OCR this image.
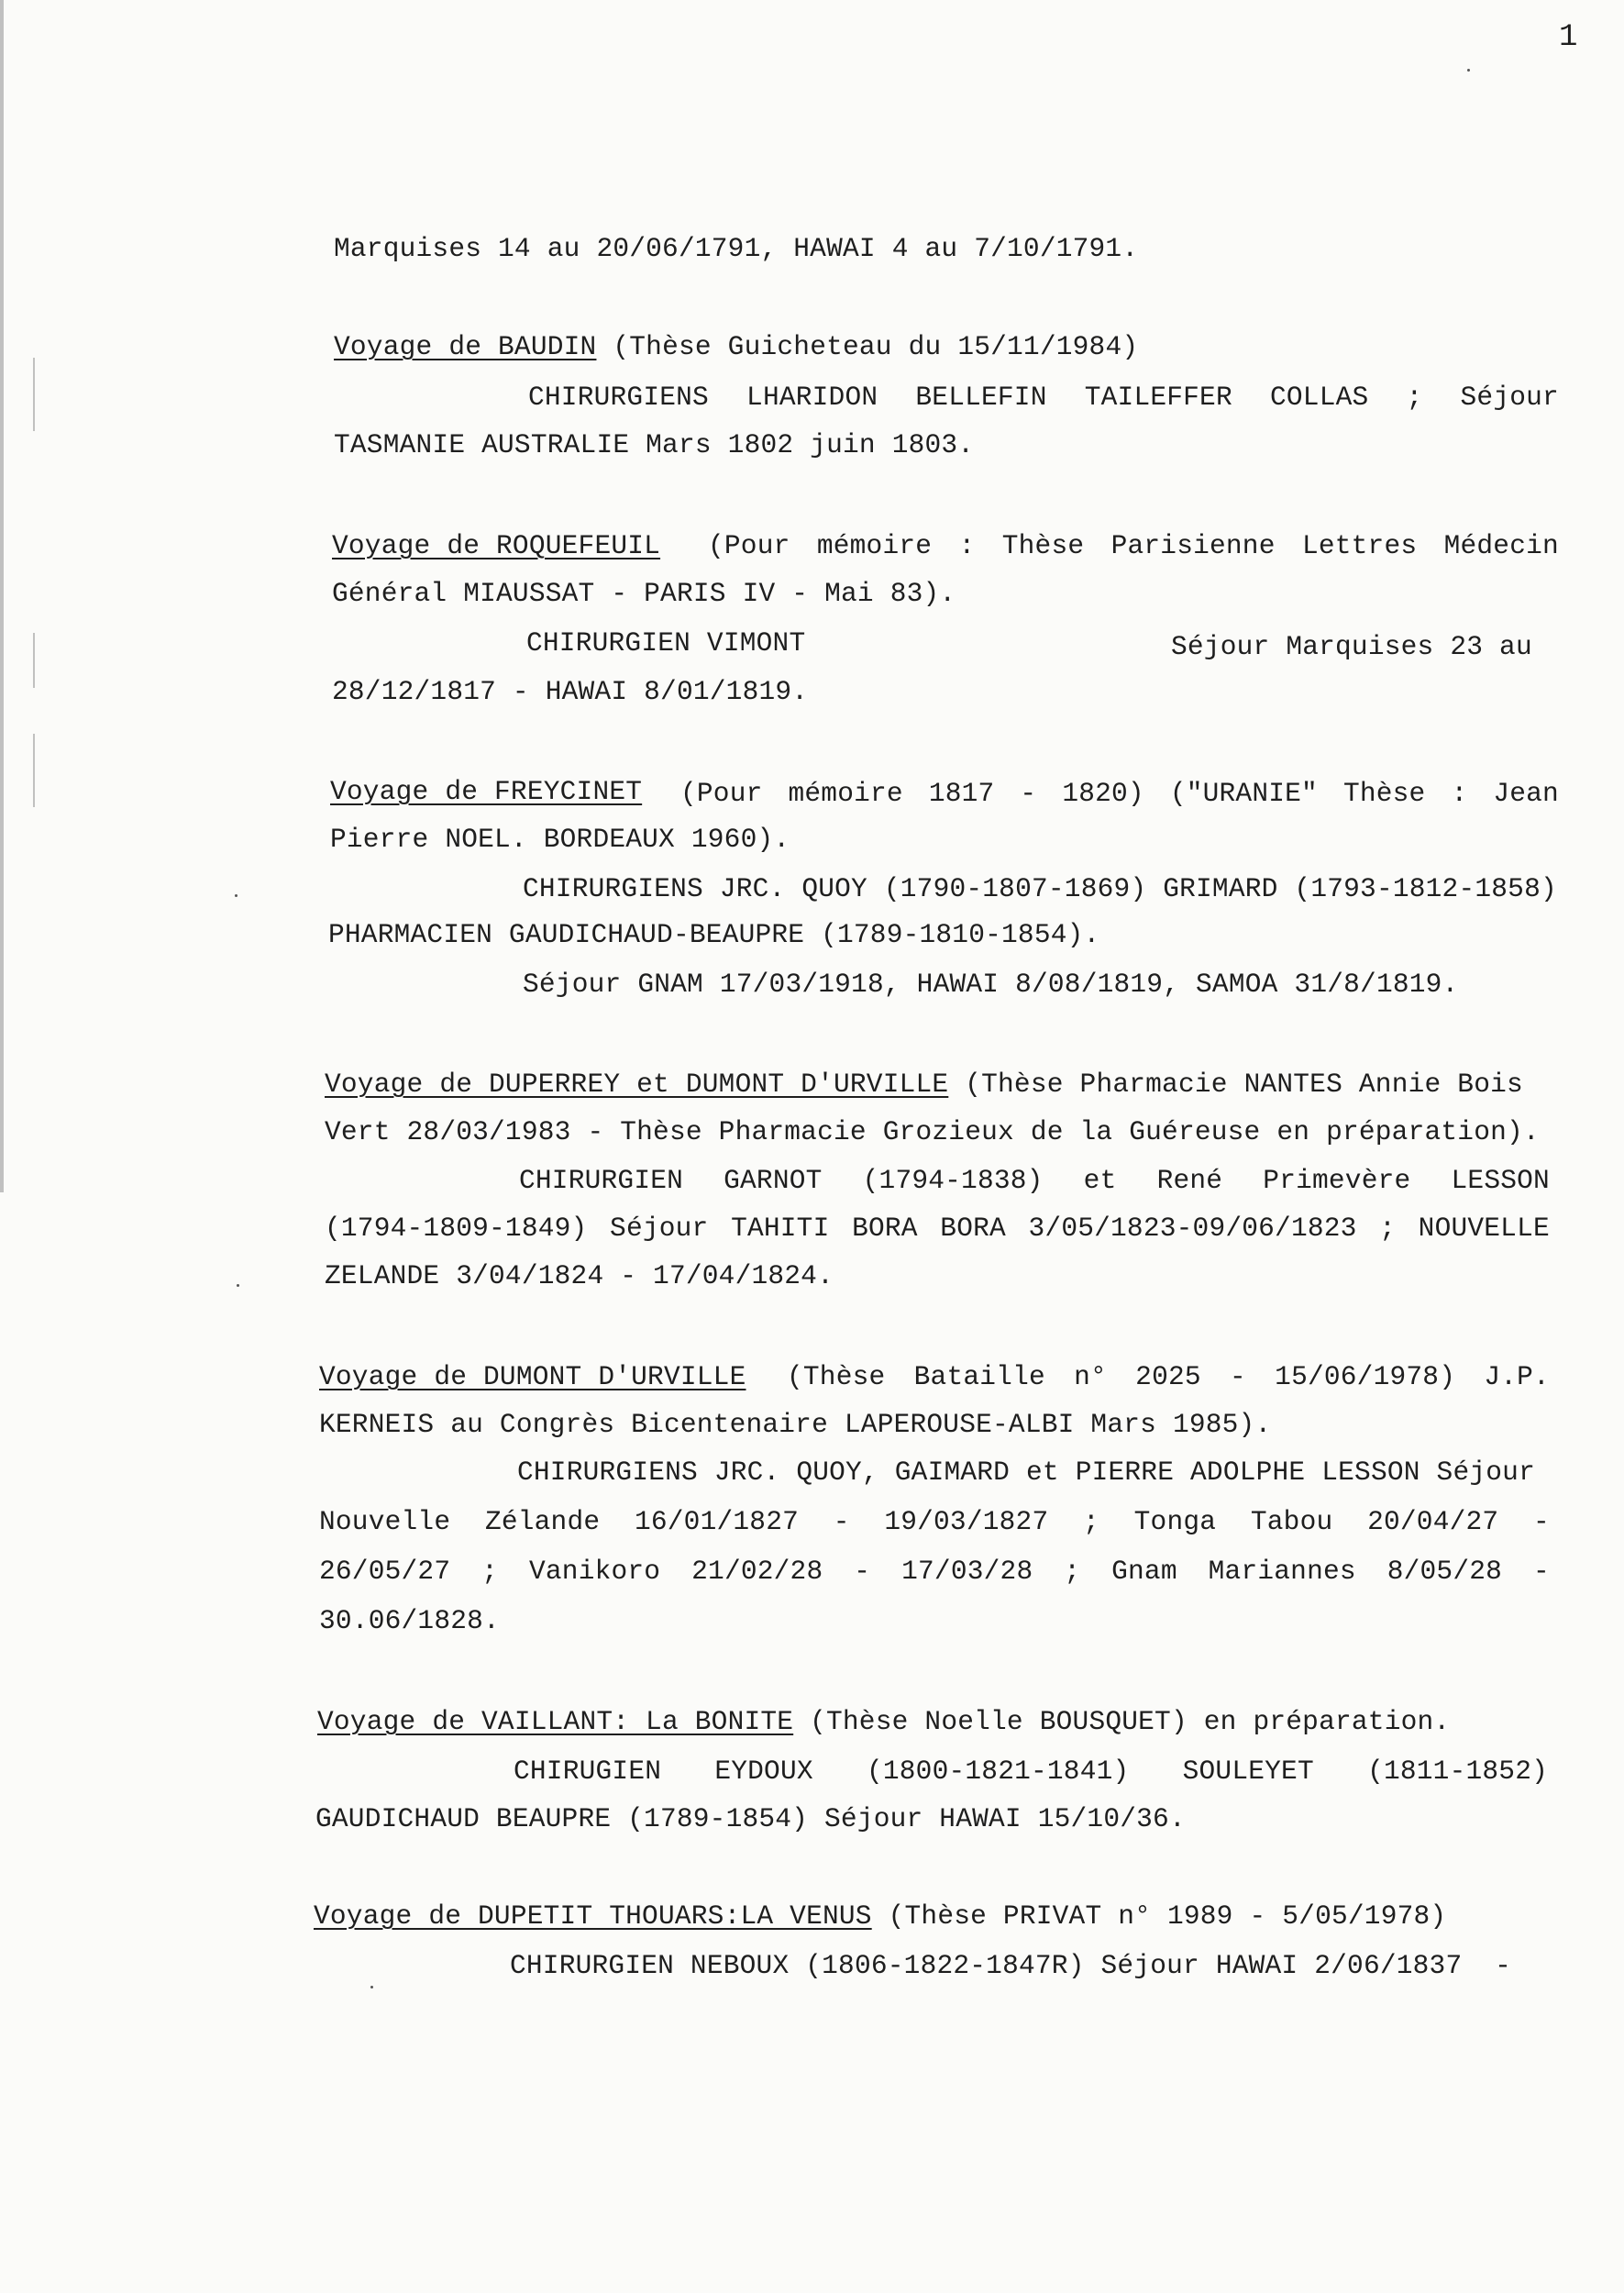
1
Marquises 14 au 20/06/1791, HAWAI 4 au 7/10/1791.
Voyage de BAUDIN (Thèse Guicheteau du 15/11/1984)
CHIRURGIENS LHARIDON BELLEFIN TAILEFFER COLLAS ; Séjour
TASMANIE AUSTRALIE Mars 1802 juin 1803.
Voyage de ROQUEFEUIL (Pour mémoire : Thèse Parisienne Lettres Médecin
Général MIAUSSAT - PARIS IV - Mai 83).
CHIRURGIEN VIMONT	Séjour Marquises 23 au
28/12/1817 - HAWAI 8/01/1819.
Voyage de FREYCINET (Pour mémoire 1817 - 1820) ("URANIE" Thèse : Jean
Pierre NOEL. BORDEAUX 1960).
CHIRURGIENS JRC. QUOY (1790-1807-1869) GRIMARD (1793-1812-1858)
PHARMACIEN GAUDICHAUD-BEAUPRE (1789-1810-1854).
Séjour GNAM 17/03/1918, HAWAI 8/08/1819, SAMOA 31/8/1819.
Voyage de DUPERREY et DUMONT D'URVILLE (Thèse Pharmacie NANTES Annie Bois
Vert 28/03/1983 - Thèse Pharmacie Grozieux de la Guéreuse en préparation).
CHIRURGIEN GARNOT (1794-1838) et René Primevère LESSON
(1794-1809-1849) Séjour TAHITI BORA BORA 3/05/1823-09/06/1823 ; NOUVELLE
ZELANDE 3/04/1824 - 17/04/1824.
Voyage de DUMONT D'URVILLE (Thèse Bataille n° 2025 - 15/06/1978) J.P.
KERNEIS au Congrès Bicentenaire LAPEROUSE-ALBI Mars 1985).
CHIRURGIENS JRC. QUOY, GAIMARD et PIERRE ADOLPHE LESSON Séjour
Nouvelle Zélande 16/01/1827 - 19/03/1827 ; Tonga Tabou 20/04/27 -
26/05/27 ; Vanikoro 21/02/28 - 17/03/28 ; Gnam Mariannes 8/05/28 -
30.06/1828.
Voyage de VAILLANT: La BONITE (Thèse Noelle BOUSQUET) en préparation.
CHIRUGIEN EYDOUX (1800-1821-1841) SOULEYET (1811-1852)
GAUDICHAUD BEAUPRE (1789-1854) Séjour HAWAI 15/10/36.
Voyage de DUPETIT THOUARS:LA VENUS (Thèse PRIVAT n° 1989 - 5/05/1978)
CHIRURGIEN NEBOUX (1806-1822-1847R) Séjour HAWAI 2/06/1837  -
